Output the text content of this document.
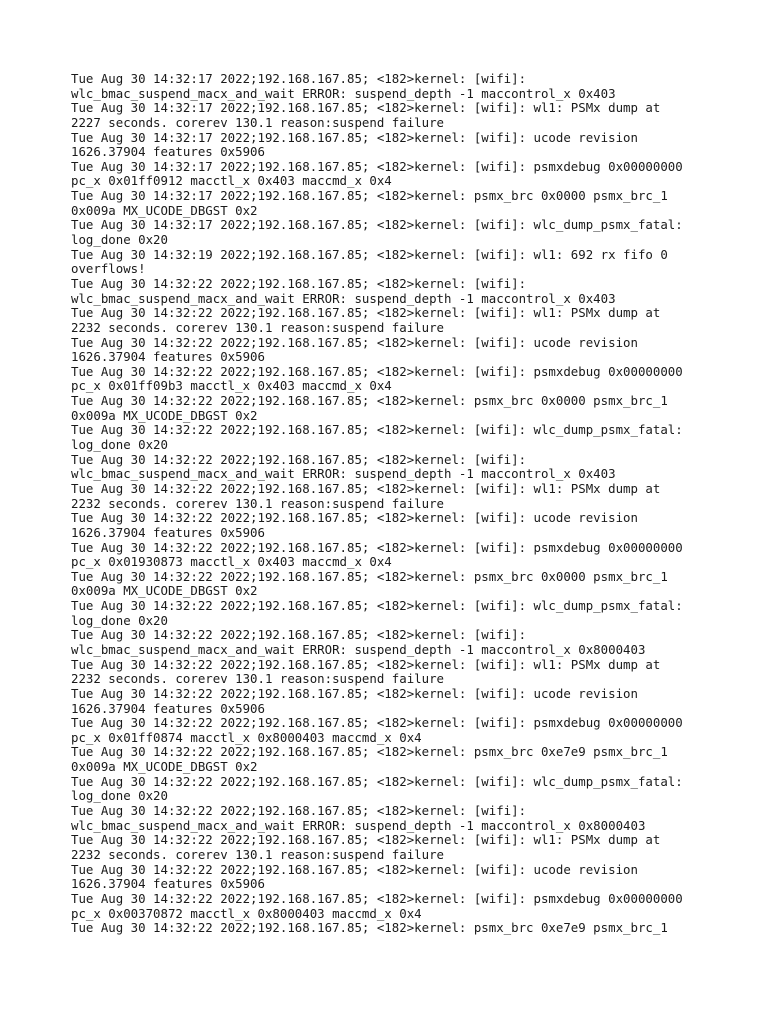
Tue Aug 30 14:32:17 2022;192.168.167.85; <182>kernel: [wifi]:
wlc_bmac_suspend_macx_and_wait ERROR: suspend_depth -1 maccontrol_x 0x403
Tue Aug 30 14:32:17 2022;192.168.167.85; <182>kernel: [wifi]: wl1: PSMx dump at
2227 seconds. corerev 130.1 reason:suspend failure
Tue Aug 30 14:32:17 2022;192.168.167.85; <182>kernel: [wifi]: ucode revision
1626.37904 features 0x5906
Tue Aug 30 14:32:17 2022;192.168.167.85; <182>kernel: [wifi]: psmxdebug 0x00000000
pc_x 0x01ff0912 macctl_x 0x403 maccmd_x 0x4
Tue Aug 30 14:32:17 2022;192.168.167.85; <182>kernel: psmx_brc 0x0000 psmx_brc_1
0x009a MX_UCODE_DBGST 0x2
Tue Aug 30 14:32:17 2022;192.168.167.85; <182>kernel: [wifi]: wlc_dump_psmx_fatal:
log_done 0x20
Tue Aug 30 14:32:19 2022;192.168.167.85; <182>kernel: [wifi]: wl1: 692 rx fifo 0
overflows!
Tue Aug 30 14:32:22 2022;192.168.167.85; <182>kernel: [wifi]:
wlc_bmac_suspend_macx_and_wait ERROR: suspend_depth -1 maccontrol_x 0x403
Tue Aug 30 14:32:22 2022;192.168.167.85; <182>kernel: [wifi]: wl1: PSMx dump at
2232 seconds. corerev 130.1 reason:suspend failure
Tue Aug 30 14:32:22 2022;192.168.167.85; <182>kernel: [wifi]: ucode revision
1626.37904 features 0x5906
Tue Aug 30 14:32:22 2022;192.168.167.85; <182>kernel: [wifi]: psmxdebug 0x00000000
pc_x 0x01ff09b3 macctl_x 0x403 maccmd_x 0x4
Tue Aug 30 14:32:22 2022;192.168.167.85; <182>kernel: psmx_brc 0x0000 psmx_brc_1
0x009a MX_UCODE_DBGST 0x2
Tue Aug 30 14:32:22 2022;192.168.167.85; <182>kernel: [wifi]: wlc_dump_psmx_fatal:
log_done 0x20
Tue Aug 30 14:32:22 2022;192.168.167.85; <182>kernel: [wifi]:
wlc_bmac_suspend_macx_and_wait ERROR: suspend_depth -1 maccontrol_x 0x403
Tue Aug 30 14:32:22 2022;192.168.167.85; <182>kernel: [wifi]: wl1: PSMx dump at
2232 seconds. corerev 130.1 reason:suspend failure
Tue Aug 30 14:32:22 2022;192.168.167.85; <182>kernel: [wifi]: ucode revision
1626.37904 features 0x5906
Tue Aug 30 14:32:22 2022;192.168.167.85; <182>kernel: [wifi]: psmxdebug 0x00000000
pc_x 0x01930873 macctl_x 0x403 maccmd_x 0x4
Tue Aug 30 14:32:22 2022;192.168.167.85; <182>kernel: psmx_brc 0x0000 psmx_brc_1
0x009a MX_UCODE_DBGST 0x2
Tue Aug 30 14:32:22 2022;192.168.167.85; <182>kernel: [wifi]: wlc_dump_psmx_fatal:
log_done 0x20
Tue Aug 30 14:32:22 2022;192.168.167.85; <182>kernel: [wifi]:
wlc_bmac_suspend_macx_and_wait ERROR: suspend_depth -1 maccontrol_x 0x8000403
Tue Aug 30 14:32:22 2022;192.168.167.85; <182>kernel: [wifi]: wl1: PSMx dump at
2232 seconds. corerev 130.1 reason:suspend failure
Tue Aug 30 14:32:22 2022;192.168.167.85; <182>kernel: [wifi]: ucode revision
1626.37904 features 0x5906
Tue Aug 30 14:32:22 2022;192.168.167.85; <182>kernel: [wifi]: psmxdebug 0x00000000
pc_x 0x01ff0874 macctl_x 0x8000403 maccmd_x 0x4
Tue Aug 30 14:32:22 2022;192.168.167.85; <182>kernel: psmx_brc 0xe7e9 psmx_brc_1
0x009a MX_UCODE_DBGST 0x2
Tue Aug 30 14:32:22 2022;192.168.167.85; <182>kernel: [wifi]: wlc_dump_psmx_fatal:
log_done 0x20
Tue Aug 30 14:32:22 2022;192.168.167.85; <182>kernel: [wifi]:
wlc_bmac_suspend_macx_and_wait ERROR: suspend_depth -1 maccontrol_x 0x8000403
Tue Aug 30 14:32:22 2022;192.168.167.85; <182>kernel: [wifi]: wl1: PSMx dump at
2232 seconds. corerev 130.1 reason:suspend failure
Tue Aug 30 14:32:22 2022;192.168.167.85; <182>kernel: [wifi]: ucode revision
1626.37904 features 0x5906
Tue Aug 30 14:32:22 2022;192.168.167.85; <182>kernel: [wifi]: psmxdebug 0x00000000
pc_x 0x00370872 macctl_x 0x8000403 maccmd_x 0x4
Tue Aug 30 14:32:22 2022;192.168.167.85; <182>kernel: psmx_brc 0xe7e9 psmx_brc_1
